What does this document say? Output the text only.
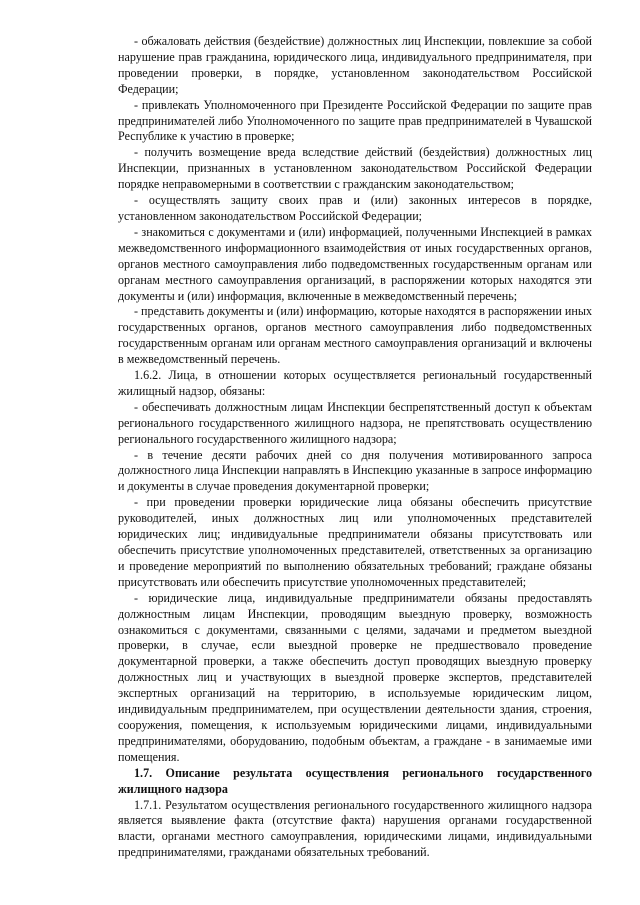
- обжаловать действия (бездействие) должностных лиц Инспекции, повлекшие за собой нарушение прав гражданина, юридического лица, индивидуального предпринимателя, при проведении проверки, в порядке, установленном законодательством Российской Федерации;

- привлекать Уполномоченного при Президенте Российской Федерации по защите прав предпринимателей либо Уполномоченного по защите прав предпринимателей в Чувашской Республике к участию в проверке;

- получить возмещение вреда вследствие действий (бездействия) должностных лиц Инспекции, признанных в установленном законодательством Российской Федерации порядке неправомерными в соответствии с гражданским законодательством;

- осуществлять защиту своих прав и (или) законных интересов в порядке, установленном законодательством Российской Федерации;

- знакомиться с документами и (или) информацией, полученными Инспекцией в рамках межведомственного информационного взаимодействия от иных государственных органов, органов местного самоуправления либо подведомственных государственным органам или органам местного самоуправления организаций, в распоряжении которых находятся эти документы и (или) информация, включенные в межведомственный перечень;

- представить документы и (или) информацию, которые находятся в распоряжении иных государственных органов, органов местного самоуправления либо подведомственных государственным органам или органам местного самоуправления организаций и включены в межведомственный перечень.

1.6.2. Лица, в отношении которых осуществляется региональный государственный жилищный надзор, обязаны:

- обеспечивать должностным лицам Инспекции беспрепятственный доступ к объектам регионального государственного жилищного надзора, не препятствовать осуществлению регионального государственного жилищного надзора;

- в течение десяти рабочих дней со дня получения мотивированного запроса должностного лица Инспекции направлять в Инспекцию указанные в запросе информацию и документы в случае проведения документарной проверки;

- при проведении проверки юридические лица обязаны обеспечить присутствие руководителей, иных должностных лиц или уполномоченных представителей юридических лиц; индивидуальные предприниматели обязаны присутствовать или обеспечить присутствие уполномоченных представителей, ответственных за организацию и проведение мероприятий по выполнению обязательных требований; граждане обязаны присутствовать или обеспечить присутствие уполномоченных представителей;

- юридические лица, индивидуальные предприниматели обязаны предоставлять должностным лицам Инспекции, проводящим выездную проверку, возможность ознакомиться с документами, связанными с целями, задачами и предметом выездной проверки, в случае, если выездной проверке не предшествовало проведение документарной проверки, а также обеспечить доступ проводящих выездную проверку должностных лиц и участвующих в выездной проверке экспертов, представителей экспертных организаций на территорию, в используемые юридическим лицом, индивидуальным предпринимателем, при осуществлении деятельности здания, строения, сооружения, помещения, к используемым юридическими лицами, индивидуальными предпринимателями, оборудованию, подобным объектам, а граждане - в занимаемые ими помещения.

1.7. Описание результата осуществления регионального государственного жилищного надзора

1.7.1. Результатом осуществления регионального государственного жилищного надзора является выявление факта (отсутствие факта) нарушения органами государственной власти, органами местного самоуправления, юридическими лицами, индивидуальными предпринимателями, гражданами обязательных требований.
